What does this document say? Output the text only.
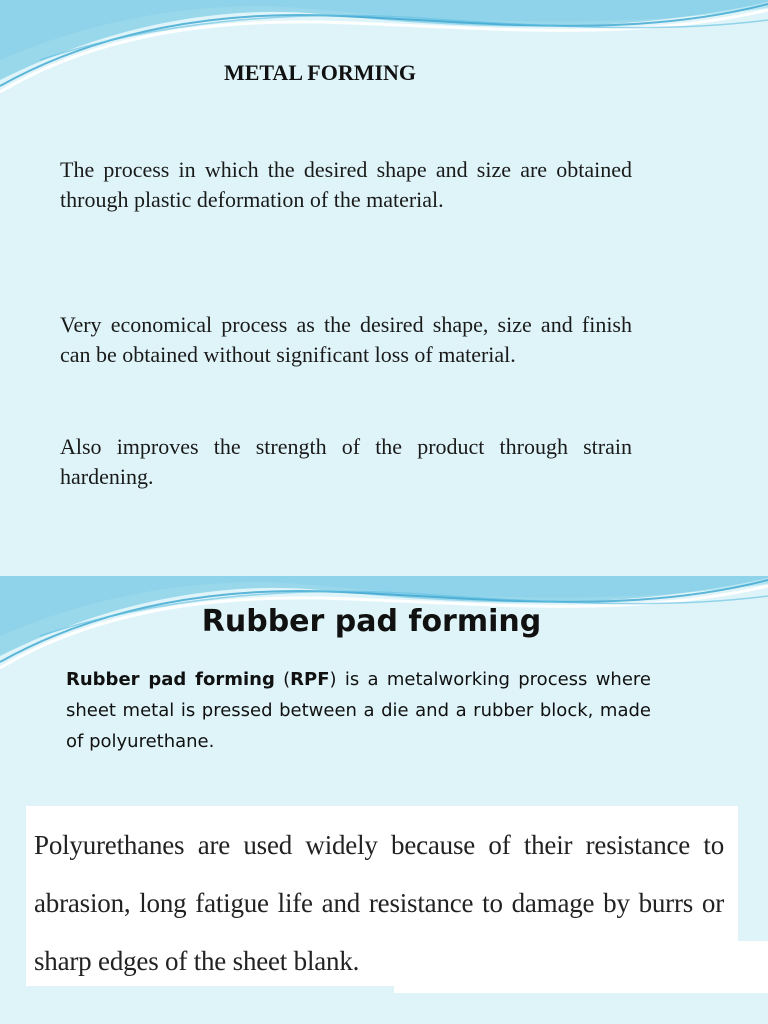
METAL FORMING

The process in which the desired shape and size are obtained through plastic deformation of the material.

Very economical process as the desired shape, size and finish can be obtained without significant loss of material.

Also improves the strength of the product through strain hardening.

Rubber pad forming

Rubber pad forming (RPF) is a metalworking process where sheet metal is pressed between a die and a rubber block, made of polyurethane.

Polyurethanes are used widely because of their resistance to abrasion, long fatigue life and resistance to damage by burrs or sharp edges of the sheet blank.
